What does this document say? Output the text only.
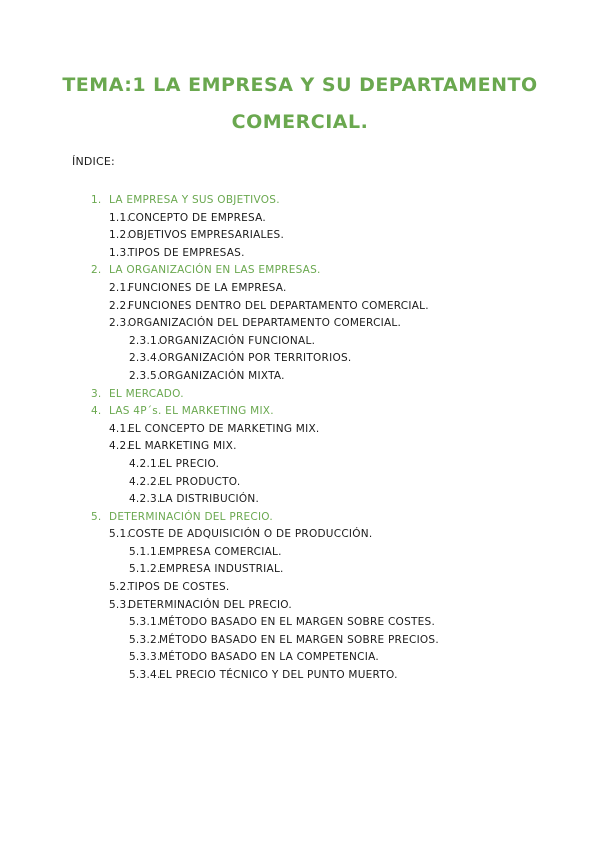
TEMA:1 LA EMPRESA Y SU DEPARTAMENTO
COMERCIAL.
ÍNDICE:
1. LA EMPRESA Y SUS OBJETIVOS.
1.1.
CONCEPTO DE EMPRESA.
1.2.
OBJETIVOS EMPRESARIALES.
1.3.
TIPOS DE EMPRESAS.
2. LA ORGANIZACIÓN EN LAS EMPRESAS.
2.1.
FUNCIONES DE LA EMPRESA.
2.2.
FUNCIONES DENTRO DEL DEPARTAMENTO COMERCIAL.
2.3.
ORGANIZACIÓN DEL DEPARTAMENTO COMERCIAL.
2.3.1.
ORGANIZACIÓN FUNCIONAL.
2.3.4.
ORGANIZACIÓN POR TERRITORIOS.
2.3.5.
ORGANIZACIÓN MIXTA.
3. EL MERCADO.
4. LAS 4P´s. EL MARKETING MIX.
4.1.
EL CONCEPTO DE MARKETING MIX.
4.2.
EL MARKETING MIX.
4.2.1.
EL PRECIO.
4.2.2.
EL PRODUCTO.
4.2.3.
LA DISTRIBUCIÓN.
5. DETERMINACIÓN DEL PRECIO.
5.1.
COSTE DE ADQUISICIÓN O DE PRODUCCIÓN.
5.1.1.
EMPRESA COMERCIAL.
5.1.2.
EMPRESA INDUSTRIAL.
5.2.
TIPOS DE COSTES.
5.3.
DETERMINACIÓN DEL PRECIO.
5.3.1.
MÉTODO BASADO EN EL MARGEN SOBRE COSTES.
5.3.2.
MÉTODO BASADO EN EL MARGEN SOBRE PRECIOS.
5.3.3.
MÉTODO BASADO EN LA COMPETENCIA.
5.3.4.
EL PRECIO TÉCNICO Y DEL PUNTO MUERTO.
